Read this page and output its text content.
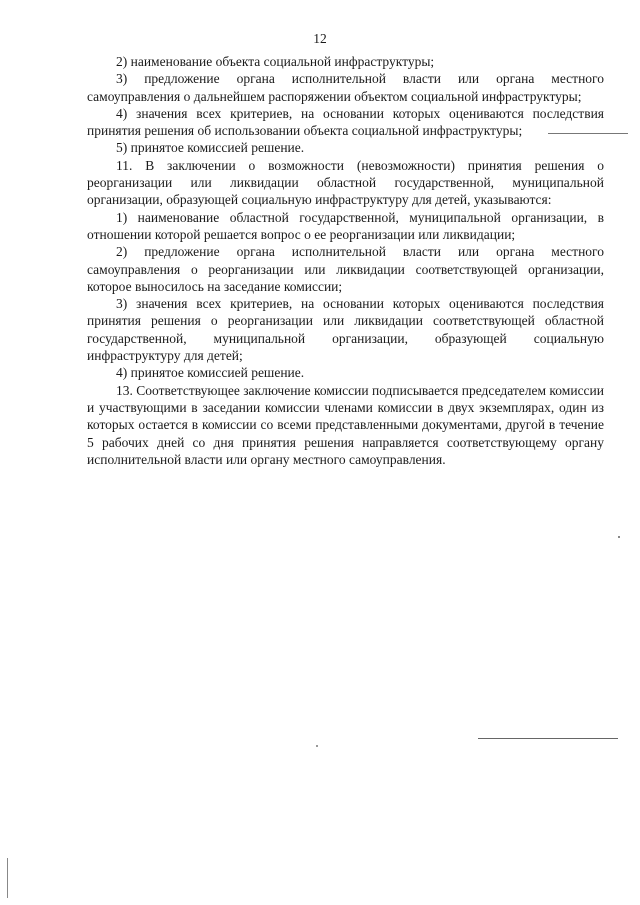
12

2) наименование объекта социальной инфраструктуры;

3) предложение органа исполнительной власти или органа местного самоуправления о дальнейшем распоряжении объектом социальной инфраструктуры;

4) значения всех критериев, на основании которых оцениваются последствия принятия решения об использовании объекта социальной инфраструктуры;

5) принятое комиссией решение.

11. В заключении о возможности (невозможности) принятия решения о реорганизации или ликвидации областной государственной, муниципальной организации, образующей социальную инфраструктуру для детей, указываются:

1) наименование областной государственной, муниципальной организации, в отношении которой решается вопрос о ее реорганизации или ликвидации;

2) предложение органа исполнительной власти или органа местного самоуправления о реорганизации или ликвидации соответствующей организации, которое выносилось на заседание комиссии;

3) значения всех критериев, на основании которых оцениваются последствия принятия решения о реорганизации или ликвидации соответствующей областной государственной, муниципальной организации, образующей социальную инфраструктуру для детей;

4) принятое комиссией решение.

13. Соответствующее заключение комиссии подписывается председателем комиссии и участвующими в заседании комиссии членами комиссии в двух экземплярах, один из которых остается в комиссии со всеми представленными документами, другой в течение 5 рабочих дней со дня принятия решения направляется соответствующему органу исполнительной власти или органу местного самоуправления.
